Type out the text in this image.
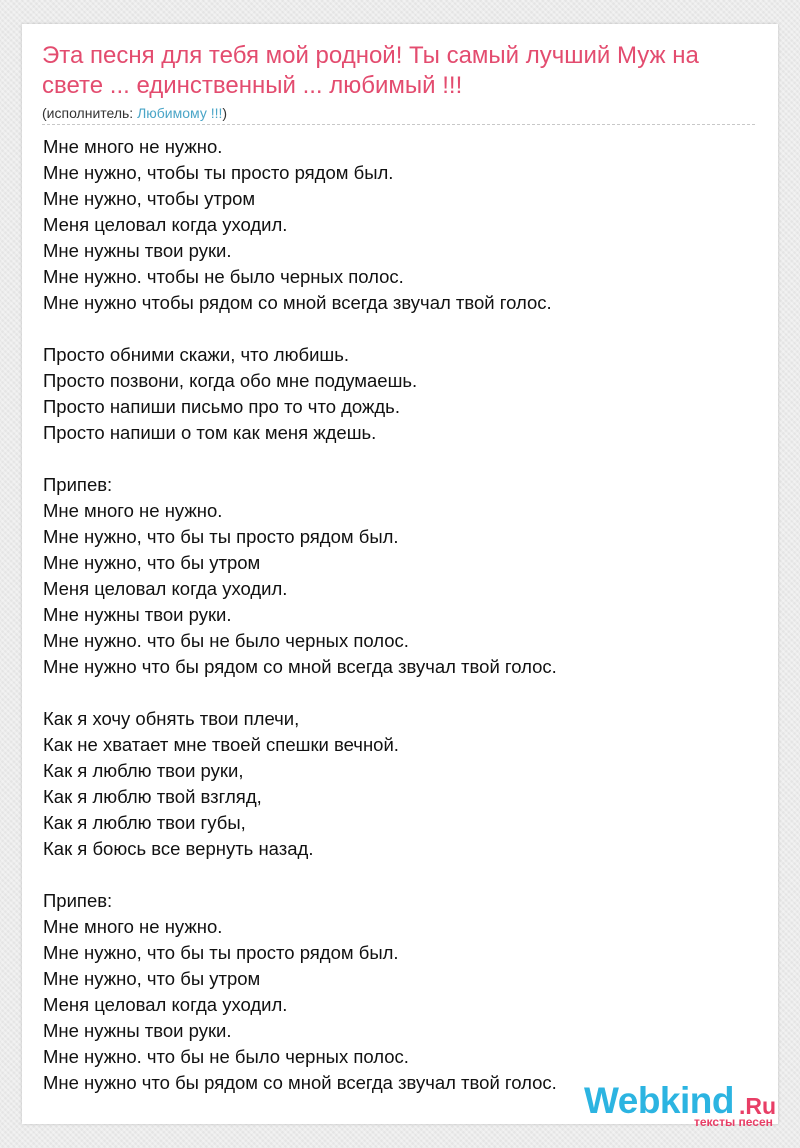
Эта песня для тебя мой родной! Ты самый лучший Муж на свете ... единственный ... любимый !!!
(исполнитель: Любимому !!!)
Мне много не нужно.
Мне нужно, чтобы ты просто рядом был.
Мне нужно, чтобы утром
Меня целовал когда уходил.
Мне нужны твои руки.
Мне нужно. чтобы не было черных полос.
Мне нужно чтобы рядом со мной всегда звучал твой голос.
Просто обними скажи, что любишь.
Просто позвони, когда обо мне подумаешь.
Просто напиши письмо про то что дождь.
Просто напиши о том как меня ждешь.
Припев:
Мне много не нужно.
Мне нужно, что бы ты просто рядом был.
Мне нужно, что бы утром
Меня целовал когда уходил.
Мне нужны твои руки.
Мне нужно. что бы не было черных полос.
Мне нужно что бы рядом со мной всегда звучал твой голос.
Как я хочу обнять твои плечи,
Как не хватает мне твоей спешки вечной.
Как я люблю твои руки,
Как я люблю твой взгляд,
Как я люблю твои губы,
Как я боюсь все вернуть назад.
Припев:
Мне много не нужно.
Мне нужно, что бы ты просто рядом был.
Мне нужно, что бы утром
Меня целовал когда уходил.
Мне нужны твои руки.
Мне нужно. что бы не было черных полос.
Мне нужно что бы рядом со мной всегда звучал твой голос. Webkind .Ru
тексты песен
